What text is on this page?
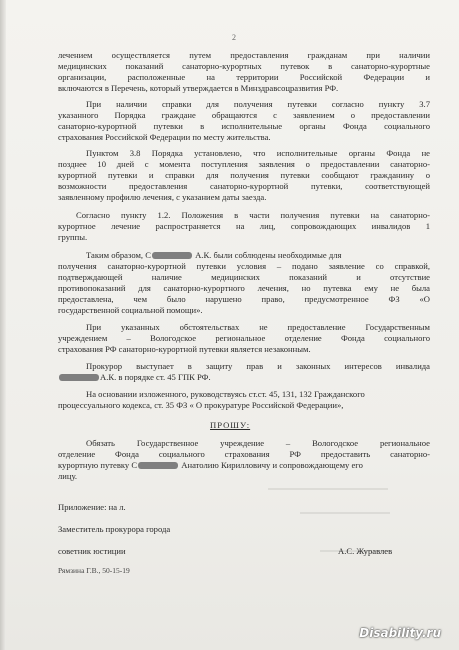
2
лечением осуществляется путем предоставления гражданам при наличии
медицинских показаний санаторно-курортных путевок в санаторно-курортные
организации, расположенные на территории Российской Федерации и
включаются в Перечень, который утверждается в Минздравсоцразвития РФ.
При наличии справки для получения путевки согласно пункту 3.7
указанного Порядка граждане обращаются с заявлением о предоставлении
санаторно-курортной путевки в исполнительные органы Фонда социального
страхования Российской Федерации по месту жительства.
Пунктом 3.8 Порядка установлено, что исполнительные органы Фонда не
позднее 10 дней с момента поступления заявления о предоставлении санаторно-
курортной путевки и справки для получения путевки сообщают гражданину о
возможности предоставления санаторно-курортной путевки, соответствующей
заявленному профилю лечения, с указанием даты заезда.
Согласно пункту 1.2. Положения в части получения путевки на санаторно-
курортное лечение распространяется на лиц, сопровождающих инвалидов 1
группы.
Таким образом, С	А.К. были соблюдены необходимые для
получения санаторно-курортной путевки условия – подано заявление со справкой,
подтверждающей наличие медицинских показаний и отсутствие
противопоказаний для санаторно-курортного лечения, но путевка ему не была
предоставлена, чем было нарушено право, предусмотренное ФЗ «О
государственной социальной помощи».
При указанных обстоятельствах не предоставление Государственным
учреждением – Вологодское региональное отделение Фонда социального
страхования РФ санаторно-курортной путевки является незаконным.
Прокурор выступает в защиту прав и законных интересов инвалида
А.К. в порядке ст. 45 ГПК РФ.
На основании изложенного, руководствуясь ст.ст. 45, 131, 132 Гражданского
процессуального кодекса, ст. 35 ФЗ « О прокуратуре Российской Федерации»,
ПРОШУ:
Обязать Государственное учреждение – Вологодское региональное
отделение Фонда социального страхования РФ предоставить санаторно-
курортную путевку С	Анатолию Кирилловичу и сопровождающему его
лицу.
Приложение: на л.
Заместитель прокурора города
советник юстиции	А.С. Журавлев
Рямзина Г.В., 50-15-19
Disability.ru
